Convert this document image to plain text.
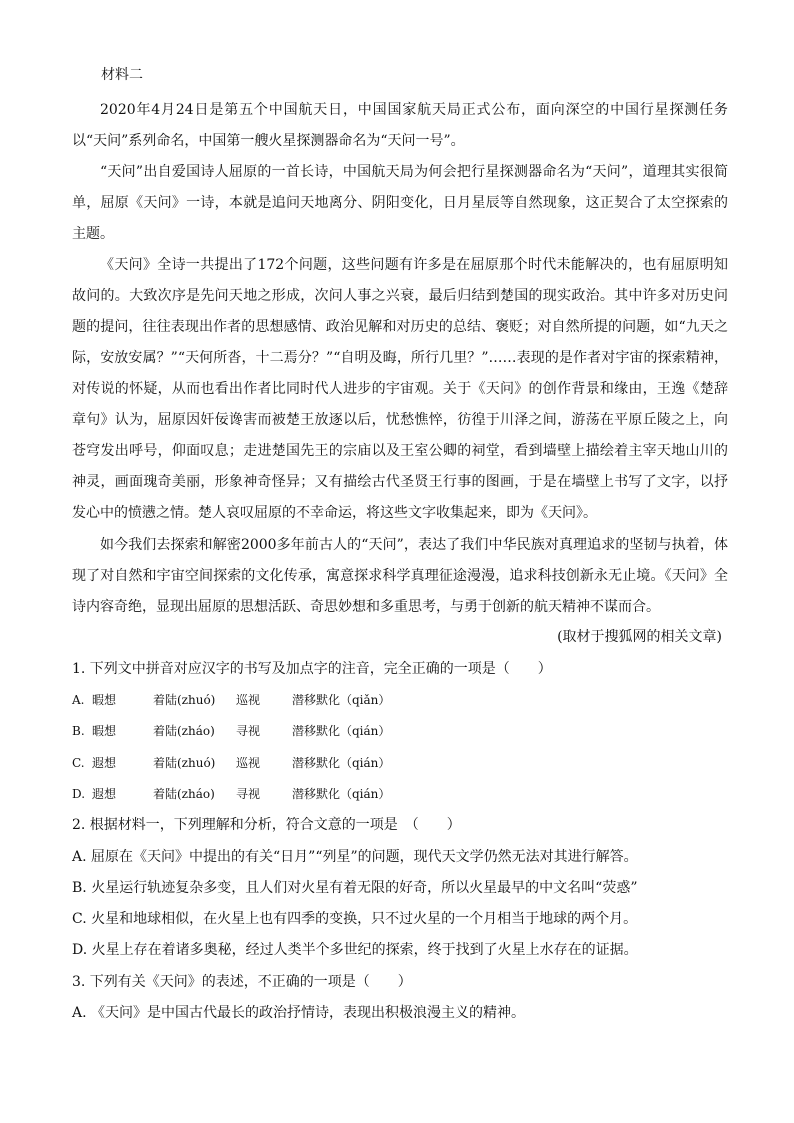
材料二

2020年4月24日是第五个中国航天日，中国国家航天局正式公布，面向深空的中国行星探测任务以“天问”系列命名，中国第一艘火星探测器命名为“天问一号”。

“天问”出自爱国诗人屈原的一首长诗，中国航天局为何会把行星探测器命名为“天问”，道理其实很简单，屈原《天问》一诗，本就是追问天地离分、阴阳变化，日月星辰等自然现象，这正契合了太空探索的主题。

《天问》全诗一共提出了172个问题，这些问题有许多是在屈原那个时代未能解决的，也有屈原明知故问的。大致次序是先问天地之形成，次问人事之兴衰，最后归结到楚国的现实政治。其中许多对历史问题的提问，往往表现出作者的思想感情、政治见解和对历史的总结、褒贬；对自然所提的问题，如“九天之际，安放安属？”“天何所沓，十二焉分？”“自明及晦，所行几里？”……表现的是作者对宇宙的探索精神，对传说的怀疑，从而也看出作者比同时代人进步的宇宙观。关于《天问》的创作背景和缘由，王逸《楚辞章句》认为，屈原因奸佞谗害而被楚王放逐以后，忧愁憔悴，彷徨于川泽之间，游荡在平原丘陵之上，向苍穹发出呼号，仰面叹息；走进楚国先王的宗庙以及王室公卿的祠堂，看到墙壁上描绘着主宰天地山川的神灵，画面瑰奇美丽，形象神奇怪异；又有描绘古代圣贤王行事的图画，于是在墙壁上书写了文字，以抒发心中的愤懑之情。楚人哀叹屈原的不幸命运，将这些文字收集起来，即为《天问》。

如今我们去探索和解密2000多年前古人的“天问”，表达了我们中华民族对真理追求的坚韧与执着，体现了对自然和宇宙空间探索的文化传承，寓意探求科学真理征途漫漫，追求科技创新永无止境。《天问》全诗内容奇绝，显现出屈原的思想活跃、奇思妙想和多重思考，与勇于创新的航天精神不谋而合。

(取材于搜狐网的相关文章)
1. 下列文中拼音对应汉字的书写及加点字的注音，完全正确的一项是（　　）
A. 暇想	着陆(zhuó) 巡视	潜移默化（qiǎn）
B. 暇想	着陆(zháo) 寻视	潜移默化（qián）
C. 遐想	着陆(zhuó) 巡视	潜移默化（qián）
D. 遐想	着陆(zháo) 寻视	潜移默化（qián）
2. 根据材料一，下列理解和分析，符合文意的一项是　（　　）
A. 屈原在《天问》中提出的有关“日月”“列星”的问题，现代天文学仍然无法对其进行解答。
B. 火星运行轨迹复杂多变，且人们对火星有着无限的好奇，所以火星最早的中文名叫“荧惑”
C. 火星和地球相似，在火星上也有四季的变换，只不过火星的一个月相当于地球的两个月。
D. 火星上存在着诸多奥秘，经过人类半个多世纪的探索，终于找到了火星上水存在的证据。
3. 下列有关《天问》的表述，不正确的一项是（　　）
A. 《天问》是中国古代最长的政治抒情诗，表现出积极浪漫主义的精神。
